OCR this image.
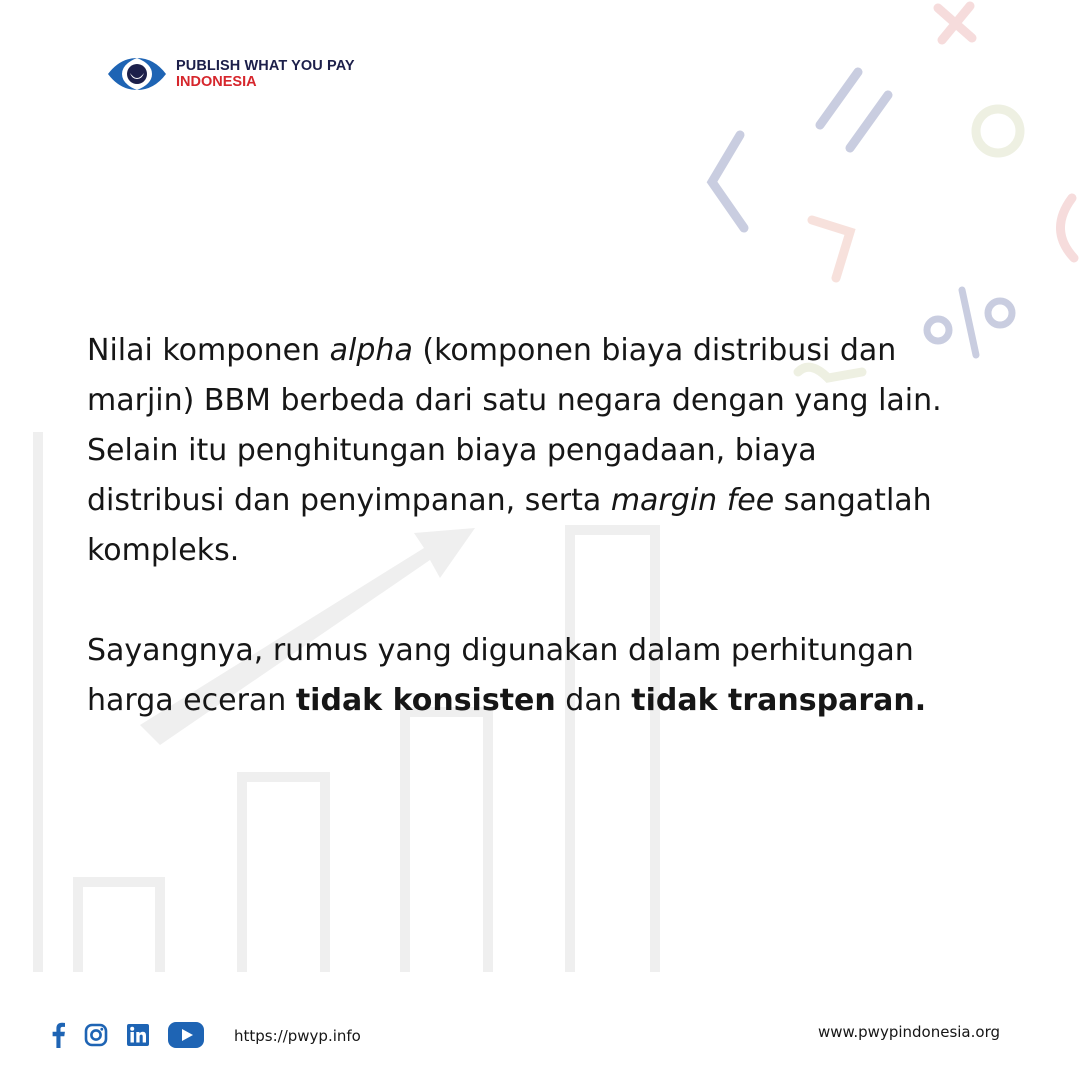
PUBLISH WHAT YOU PAY
INDONESIA

Nilai komponen alpha (komponen biaya distribusi dan marjin) BBM berbeda dari satu negara dengan yang lain. Selain itu penghitungan biaya pengadaan, biaya distribusi dan penyimpanan, serta margin fee sangatlah kompleks.

Sayangnya, rumus yang digunakan dalam perhitungan harga eceran tidak konsisten dan tidak transparan.

https://pwyp.info	www.pwypindonesia.org
